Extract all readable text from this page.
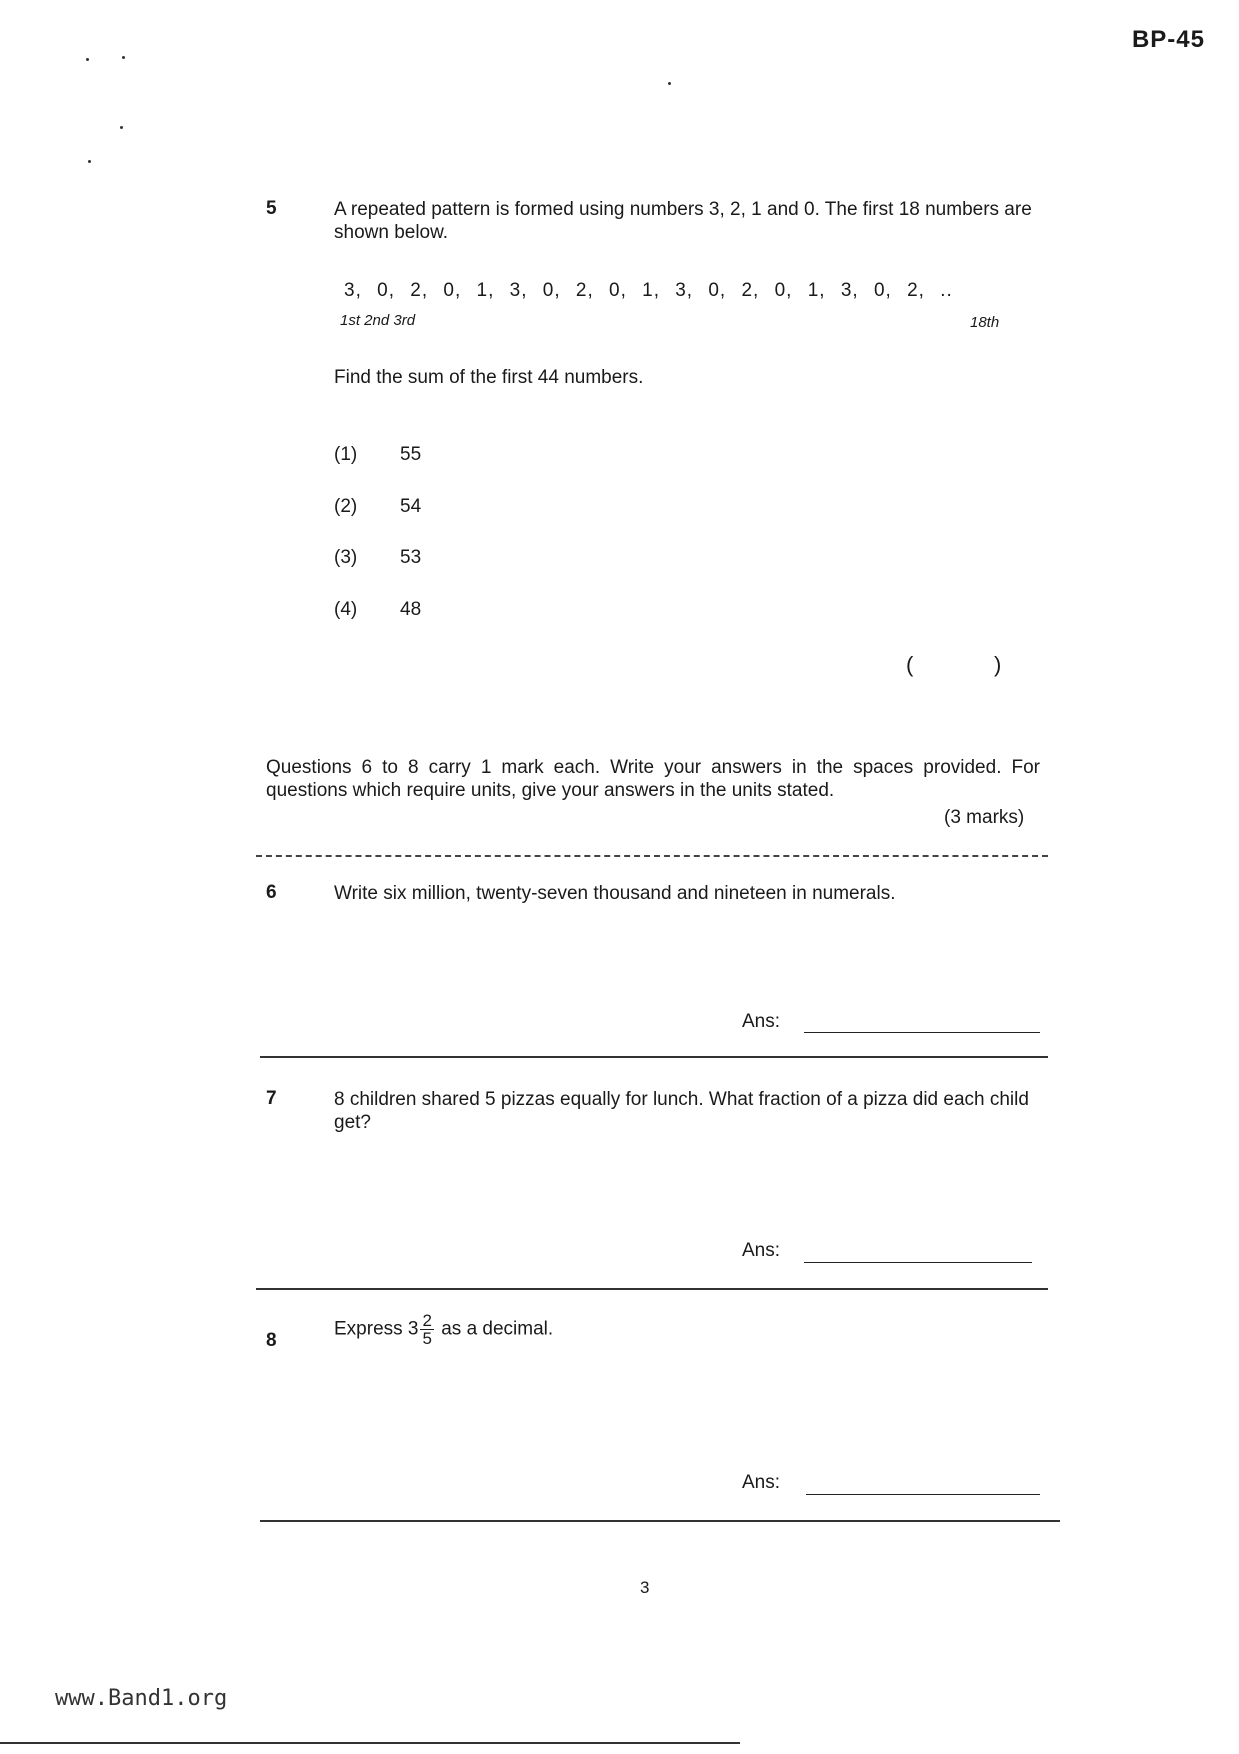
BP-45
5	A repeated pattern is formed using numbers 3, 2, 1 and 0. The first 18 numbers are shown below.
3, 0, 2, 0, 1, 3, 0, 2, 0, 1, 3, 0, 2, 0, 1, 3, 0, 2, ..
1st 2nd 3rd	18th
Find the sum of the first 44 numbers.
(1) 55
(2) 54
(3) 53
(4) 48
(	)
Questions 6 to 8 carry 1 mark each. Write your answers in the spaces provided. For questions which require units, give your answers in the units stated.
(3 marks)
6	Write six million, twenty-seven thousand and nineteen in numerals.
Ans:
7	8 children shared 5 pizzas equally for lunch. What fraction of a pizza did each child get?
Ans:
8
Express $3 \frac{2}{5}$ as a decimal.
Ans:
3
www.Band1.org
